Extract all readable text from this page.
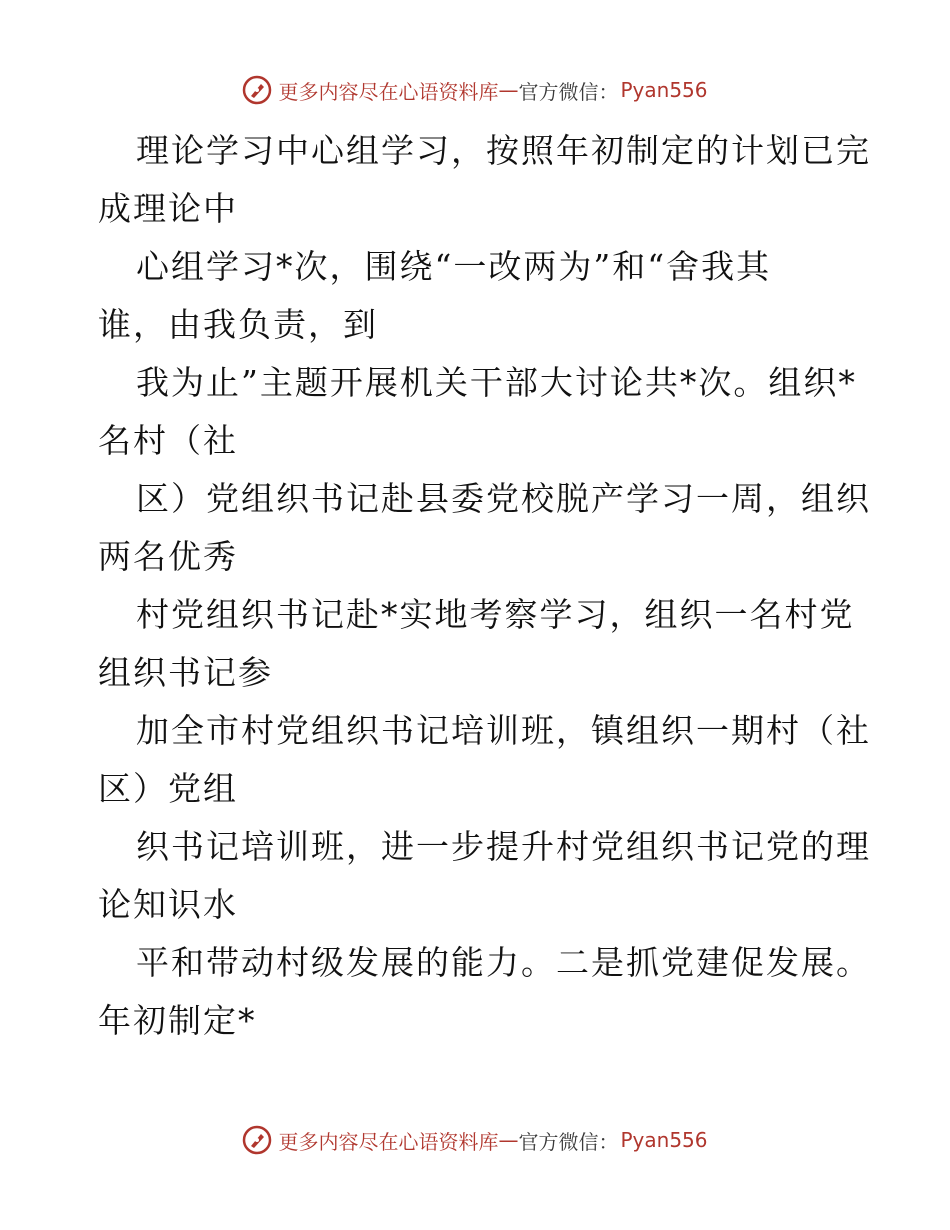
更多内容尽在心语资料库 — 官方微信： Pyan556
理论学习中心组学习，按照年初制定的计划已完
成理论中
心组学习*次，围绕“一改两为”和“舍我其
谁，由我负责，到
我为止”主题开展机关干部大讨论共*次。组织*
名村（社
区）党组织书记赴县委党校脱产学习一周，组织
两名优秀
村党组织书记赴*实地考察学习，组织一名村党
组织书记参
加全市村党组织书记培训班，镇组织一期村（社
区）党组
织书记培训班，进一步提升村党组织书记党的理
论知识水
平和带动村级发展的能力。二是抓党建促发展。
年初制定*
更多内容尽在心语资料库 — 官方微信： Pyan556
